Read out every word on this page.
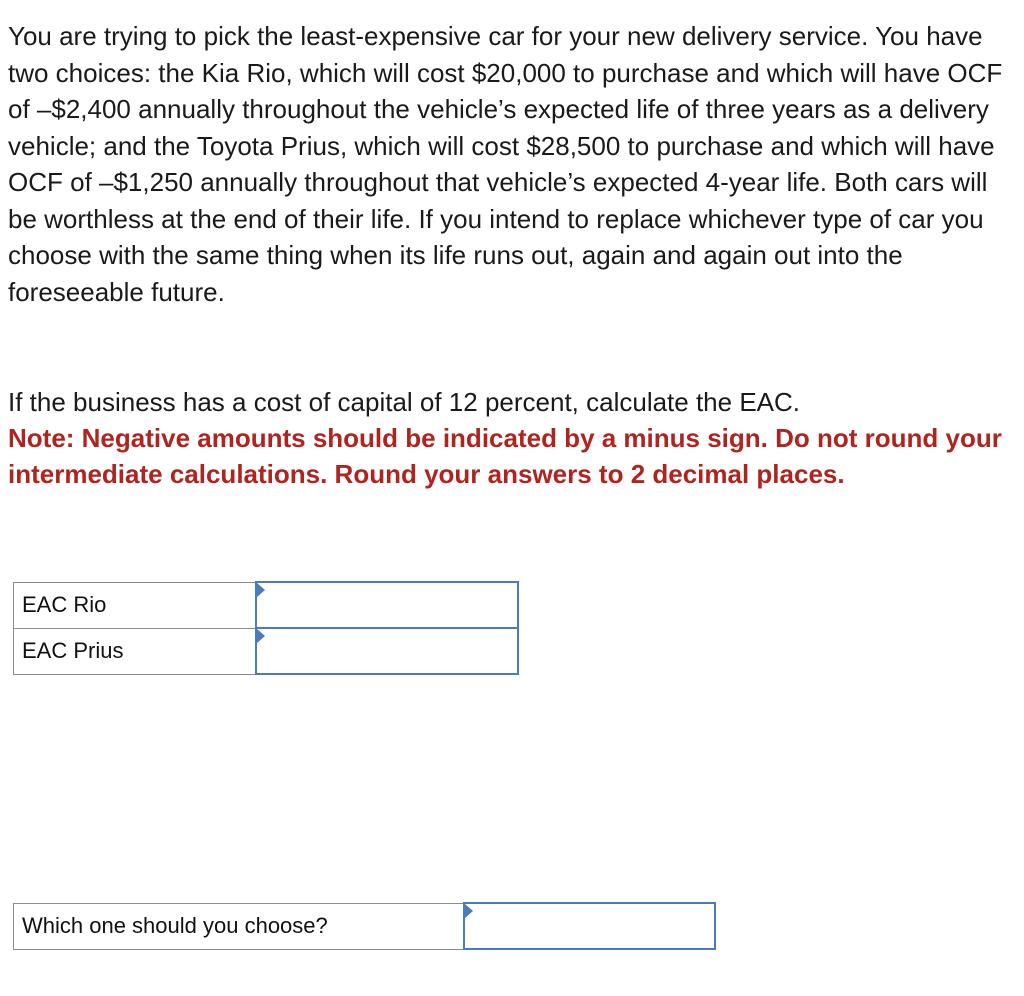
You are trying to pick the least-expensive car for your new delivery service. You have two choices: the Kia Rio, which will cost $20,000 to purchase and which will have OCF of –$2,400 annually throughout the vehicle’s expected life of three years as a delivery vehicle; and the Toyota Prius, which will cost $28,500 to purchase and which will have OCF of –$1,250 annually throughout that vehicle’s expected 4-year life. Both cars will be worthless at the end of their life. If you intend to replace whichever type of car you choose with the same thing when its life runs out, again and again out into the foreseeable future.

If the business has a cost of capital of 12 percent, calculate the EAC.

Note: Negative amounts should be indicated by a minus sign. Do not round your intermediate calculations. Round your answers to 2 decimal places.

EAC Rio	

EAC Prius	
Which one should you choose?	
